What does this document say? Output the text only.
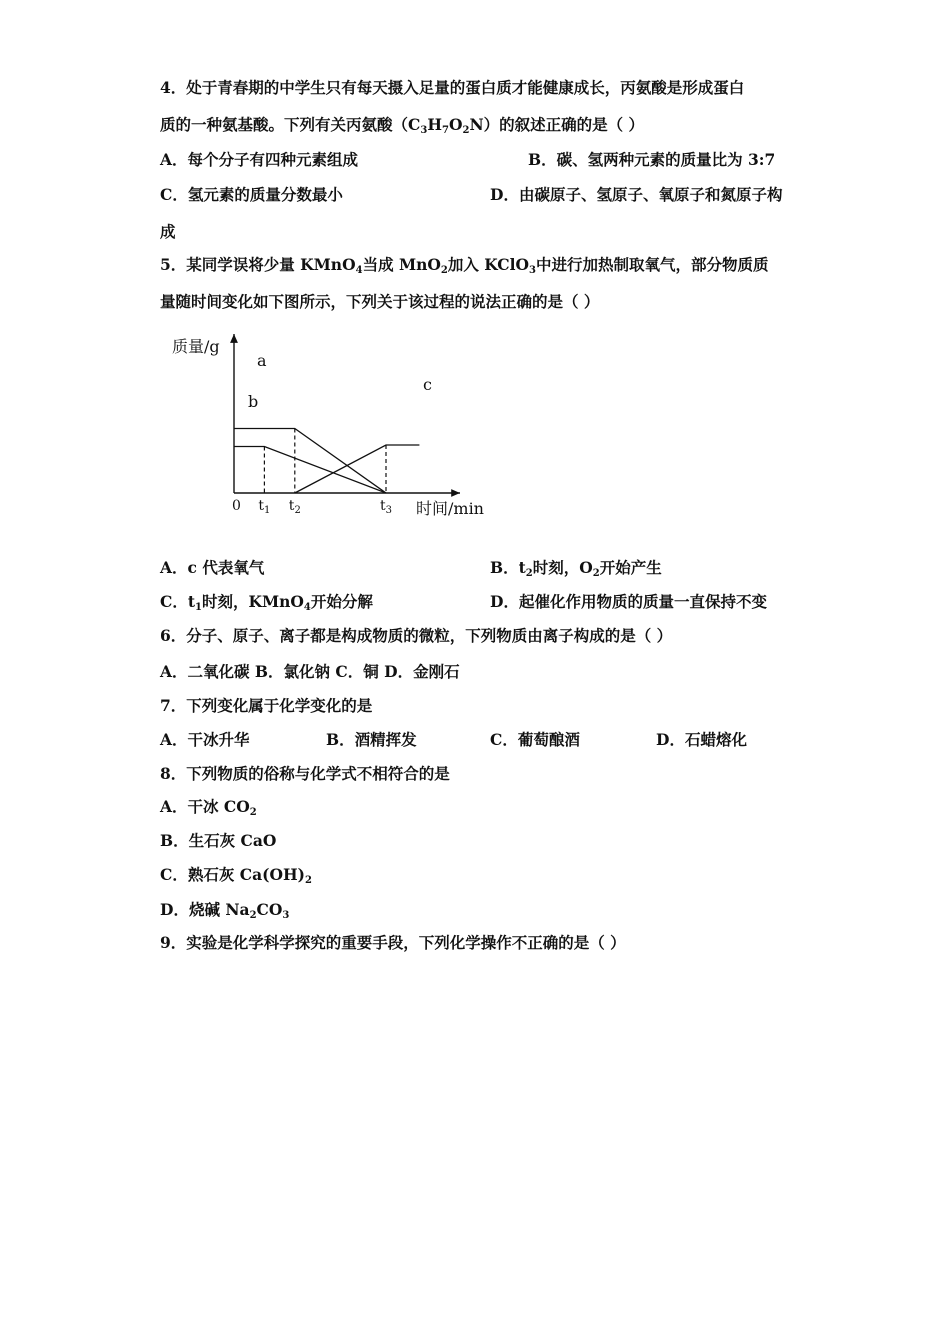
4．处于青春期的中学生只有每天摄入足量的蛋白质才能健康成长，丙氨酸是形成蛋白
质的一种氨基酸。下列有关丙氨酸$(C_3H_7O_2N)$的叙述正确的是（ ）
A．每个分子有四种元素组成	B．碳、氢两种元素的质量比为 3:7
C．氢元素的质量分数最小	D．由碳原子、氢原子、氧原子和氮原子构
成
5．某同学误将少量 KMnO$_4$当成 MnO$_2$加入 KClO$_3$中进行加热制取氧气，部分物质质
量随时间变化如下图所示，下列关于该过程的说法正确的是（ ）
质量/g
时间/min
0 $t_1$ $t_2$	$t_3$
a
b
c
A．c 代表氧气	B．$t_2$时刻，$O_2$开始产生
C．$t_1$时刻，KMnO$_4$开始分解	D．起催化作用物质的质量一直保持不变
6．分子、原子、离子都是构成物质的微粒，下列物质由离子构成的是（ ）
A．二氧化碳 B．氯化钠 C．铜 D．金刚石
7．下列变化属于化学变化的是
A．干冰升华	B．酒精挥发	C．葡萄酿酒	D．石蜡熔化
8．下列物质的俗称与化学式不相符合的是
A．干冰 $CO_2$
B．生石灰 CaO
C．熟石灰 $Ca(OH)_2$
D．烧碱 $Na_2CO_3$
9．实验是化学科学探究的重要手段，下列化学操作不正确的是（ ）
